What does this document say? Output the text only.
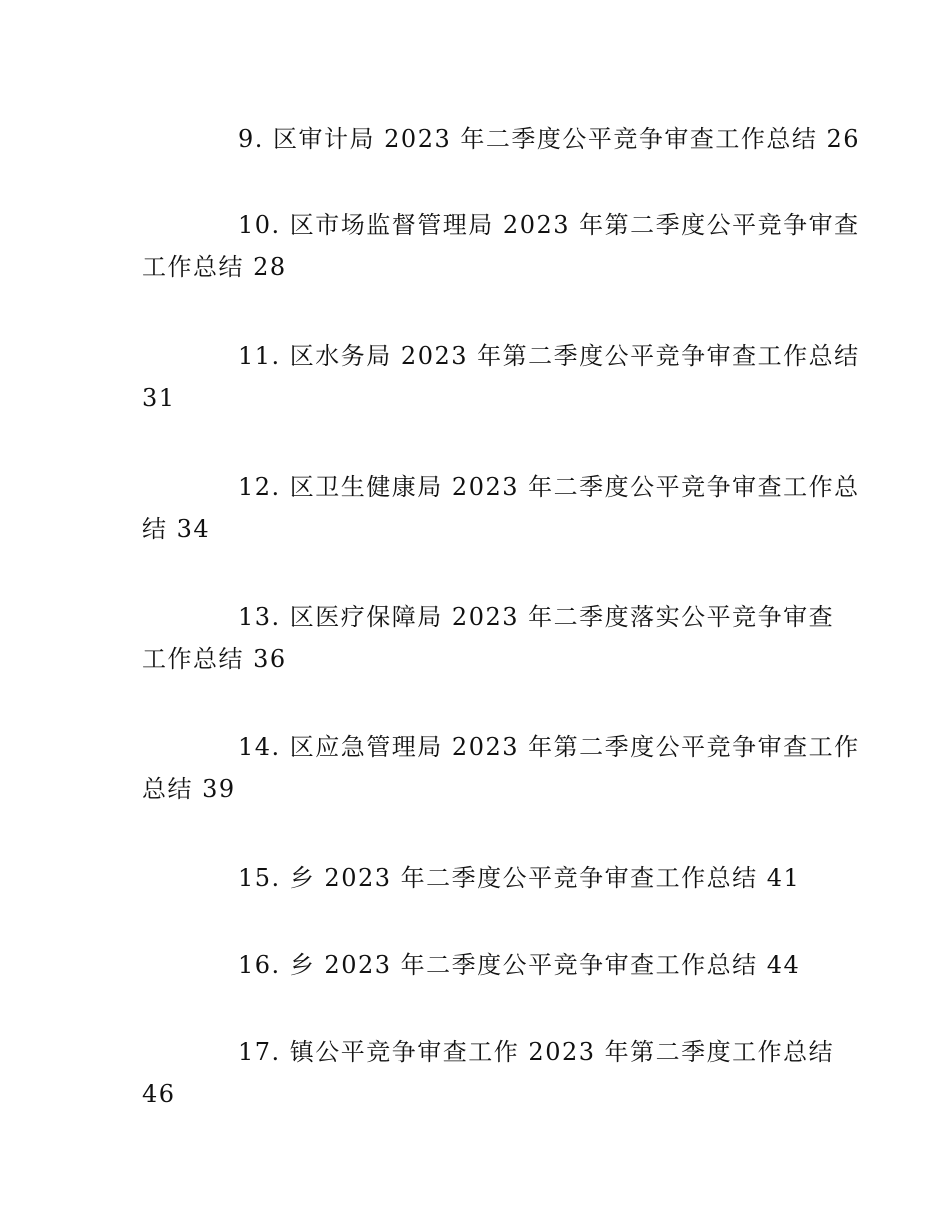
9. 区审计局 2023 年二季度公平竞争审查工作总结 26
10. 区市场监督管理局 2023 年第二季度公平竞争审查
工作总结 28
11. 区水务局 2023 年第二季度公平竞争审查工作总结
31
12. 区卫生健康局 2023 年二季度公平竞争审查工作总
结 34
13. 区医疗保障局 2023 年二季度落实公平竞争审查
工作总结 36
14. 区应急管理局 2023 年第二季度公平竞争审查工作
总结 39
15. 乡 2023 年二季度公平竞争审查工作总结 41
16. 乡 2023 年二季度公平竞争审查工作总结 44
17. 镇公平竞争审查工作 2023 年第二季度工作总结
46
